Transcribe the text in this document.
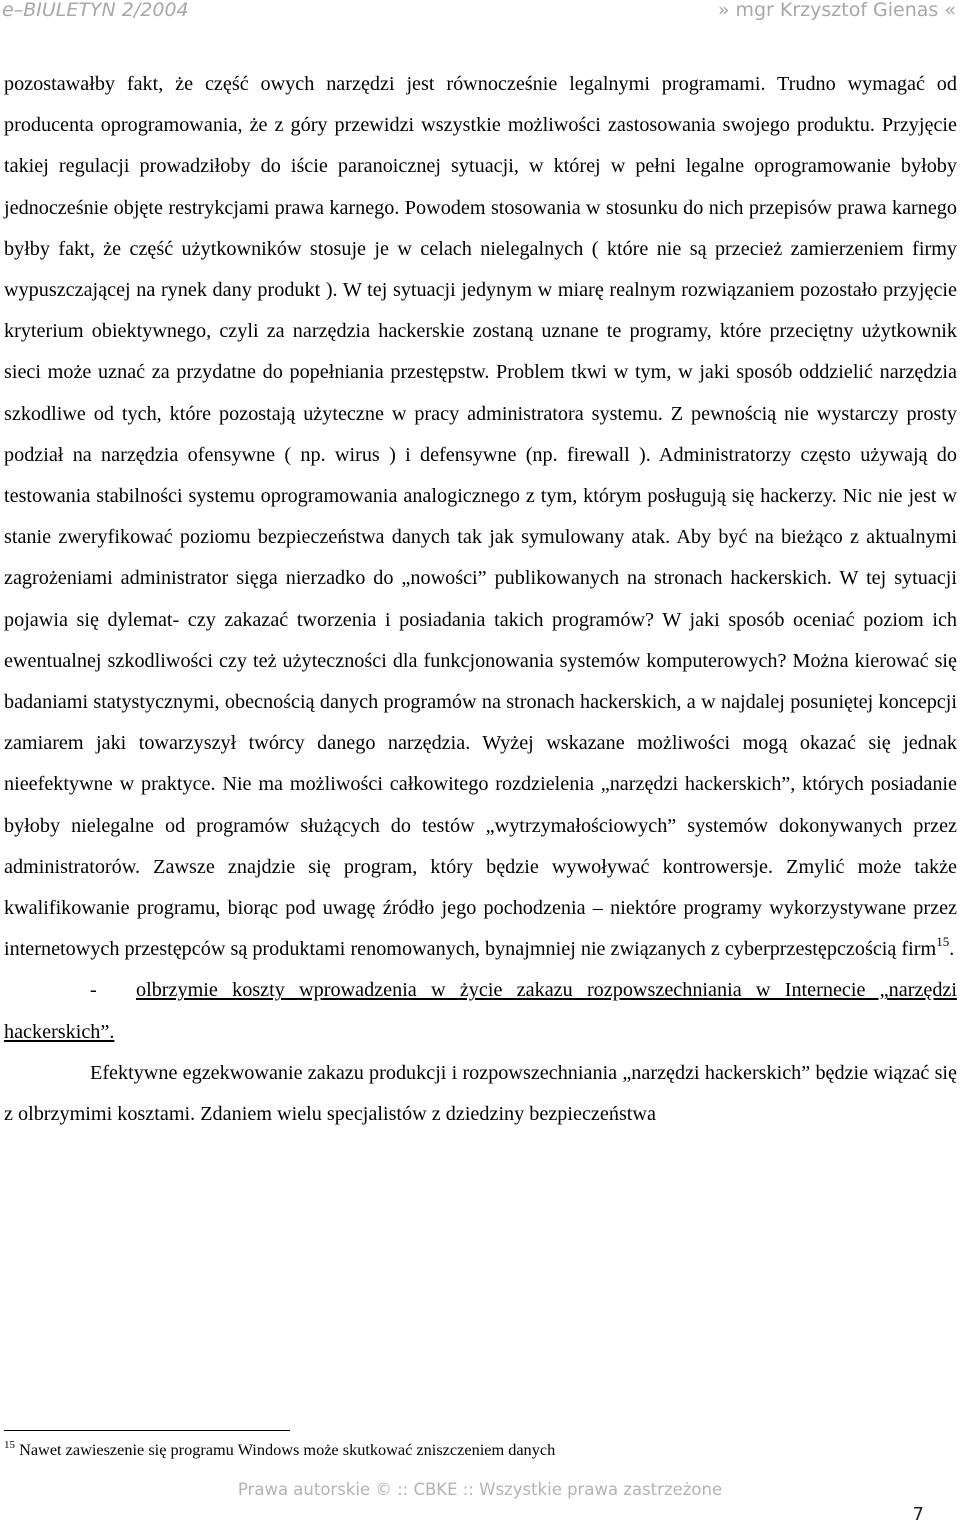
e–BIULETYN 2/2004	» mgr Krzysztof Gienas «

pozostawałby fakt, że część owych narzędzi jest równocześnie legalnymi programami. Trudno wymagać od producenta oprogramowania, że z góry przewidzi wszystkie możliwości zastosowania swojego produktu. Przyjęcie takiej regulacji prowadziłoby do iście paranoicznej sytuacji, w której w pełni legalne oprogramowanie byłoby jednocześnie objęte restrykcjami prawa karnego. Powodem stosowania w stosunku do nich przepisów prawa karnego byłby fakt, że część użytkowników stosuje je w celach nielegalnych ( które nie są przecież zamierzeniem firmy wypuszczającej na rynek dany produkt ). W tej sytuacji jedynym w miarę realnym rozwiązaniem pozostało przyjęcie kryterium obiektywnego, czyli za narzędzia hackerskie zostaną uznane te programy, które przeciętny użytkownik sieci może uznać za przydatne do popełniania przestępstw. Problem tkwi w tym, w jaki sposób oddzielić narzędzia szkodliwe od tych, które pozostają użyteczne w pracy administratora systemu. Z pewnością nie wystarczy prosty podział na narzędzia ofensywne ( np. wirus ) i defensywne (np. firewall ). Administratorzy często używają do testowania stabilności systemu oprogramowania analogicznego z tym, którym posługują się hackerzy. Nic nie jest w stanie zweryfikować poziomu bezpieczeństwa danych tak jak symulowany atak. Aby być na bieżąco z aktualnymi zagrożeniami administrator sięga nierzadko do „nowości” publikowanych na stronach hackerskich. W tej sytuacji pojawia się dylemat- czy zakazać tworzenia i posiadania takich programów? W jaki sposób oceniać poziom ich ewentualnej szkodliwości czy też użyteczności dla funkcjonowania systemów komputerowych? Można kierować się badaniami statystycznymi, obecnością danych programów na stronach hackerskich, a w najdalej posuniętej koncepcji zamiarem jaki towarzyszył twórcy danego narzędzia. Wyżej wskazane możliwości mogą okazać się jednak nieefektywne w praktyce. Nie ma możliwości całkowitego rozdzielenia „narzędzi hackerskich”, których posiadanie byłoby nielegalne od programów służących do testów „wytrzymałościowych” systemów dokonywanych przez administratorów. Zawsze znajdzie się program, który będzie wywoływać kontrowersje. Zmylić może także kwalifikowanie programu, biorąc pod uwagę źródło jego pochodzenia – niektóre programy wykorzystywane przez internetowych przestępców są produktami renomowanych, bynajmniej nie związanych z cyberprzestępczością firm$^{15}$.

- olbrzymie koszty wprowadzenia w życie zakazu rozpowszechniania w Internecie „narzędzi hackerskich”.

Efektywne egzekwowanie zakazu produkcji i rozpowszechniania „narzędzi hackerskich” będzie wiązać się z olbrzymimi kosztami. Zdaniem wielu specjalistów z dziedziny bezpieczeństwa

$^{15}$ Nawet zawieszenie się programu Windows może skutkować zniszczeniem danych
Prawa autorskie © :: CBKE :: Wszystkie prawa zastrzeżone
7
